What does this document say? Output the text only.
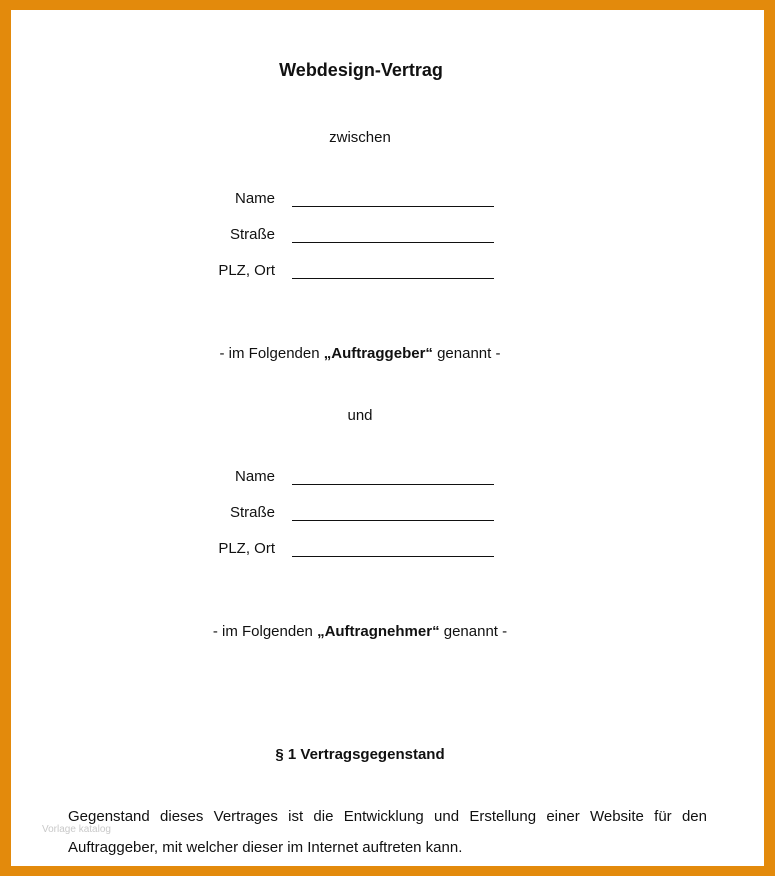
Webdesign-Vertrag
zwischen
Name
Straße
PLZ, Ort
- im Folgenden „Auftraggeber“ genannt -
und
Name
Straße
PLZ, Ort
- im Folgenden „Auftragnehmer“ genannt -
§ 1 Vertragsgegenstand
Gegenstand dieses Vertrages ist die Entwicklung und Erstellung einer Website für den
Auftraggeber, mit welcher dieser im Internet auftreten kann.
Vorlage katalog
